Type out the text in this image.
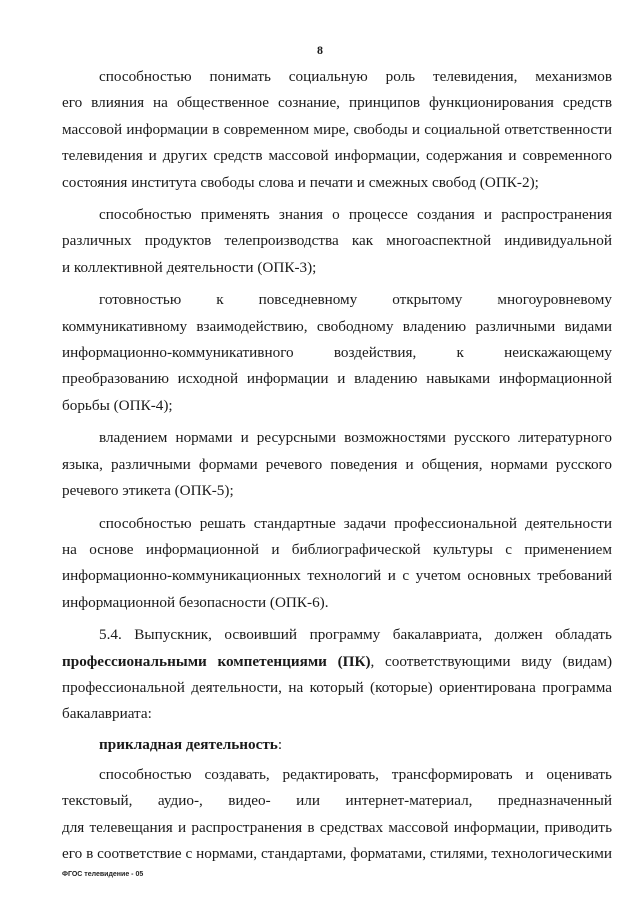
8

способностью понимать социальную роль телевидения, механизмов
его влияния на общественное сознание, принципов функционирования средств
массовой информации в современном мире, свободы и социальной ответственности
телевидения и других средств массовой информации, содержания и современного
состояния института свободы слова и печати и смежных свобод (ОПК-2);

способностью применять знания о процессе создания и распространения
различных продуктов телепроизводства как многоаспектной индивидуальной
и коллективной деятельности (ОПК-3);

готовностью к повседневному открытому многоуровневому
коммуникативному взаимодействию, свободному владению различными видами
информационно-коммуникативного воздействия, к неискажающему
преобразованию исходной информации и владению навыками информационной
борьбы (ОПК-4);

владением нормами и ресурсными возможностями русского литературного
языка, различными формами речевого поведения и общения, нормами русского
речевого этикета (ОПК-5);

способностью решать стандартные задачи профессиональной деятельности
на основе информационной и библиографической культуры с применением
информационно-коммуникационных технологий и с учетом основных требований
информационной безопасности (ОПК-6).

5.4. Выпускник, освоивший программу бакалавриата, должен обладать
профессиональными компетенциями (ПК), соответствующими виду (видам)
профессиональной деятельности, на который (которые) ориентирована программа
бакалавриата:

прикладная деятельность:

способностью создавать, редактировать, трансформировать и оценивать
текстовый, аудио-, видео- или интернет-материал, предназначенный
для телевещания и распространения в средствах массовой информации, приводить
его в соответствие с нормами, стандартами, форматами, стилями, технологическими

ФГОС телевидение - 05
